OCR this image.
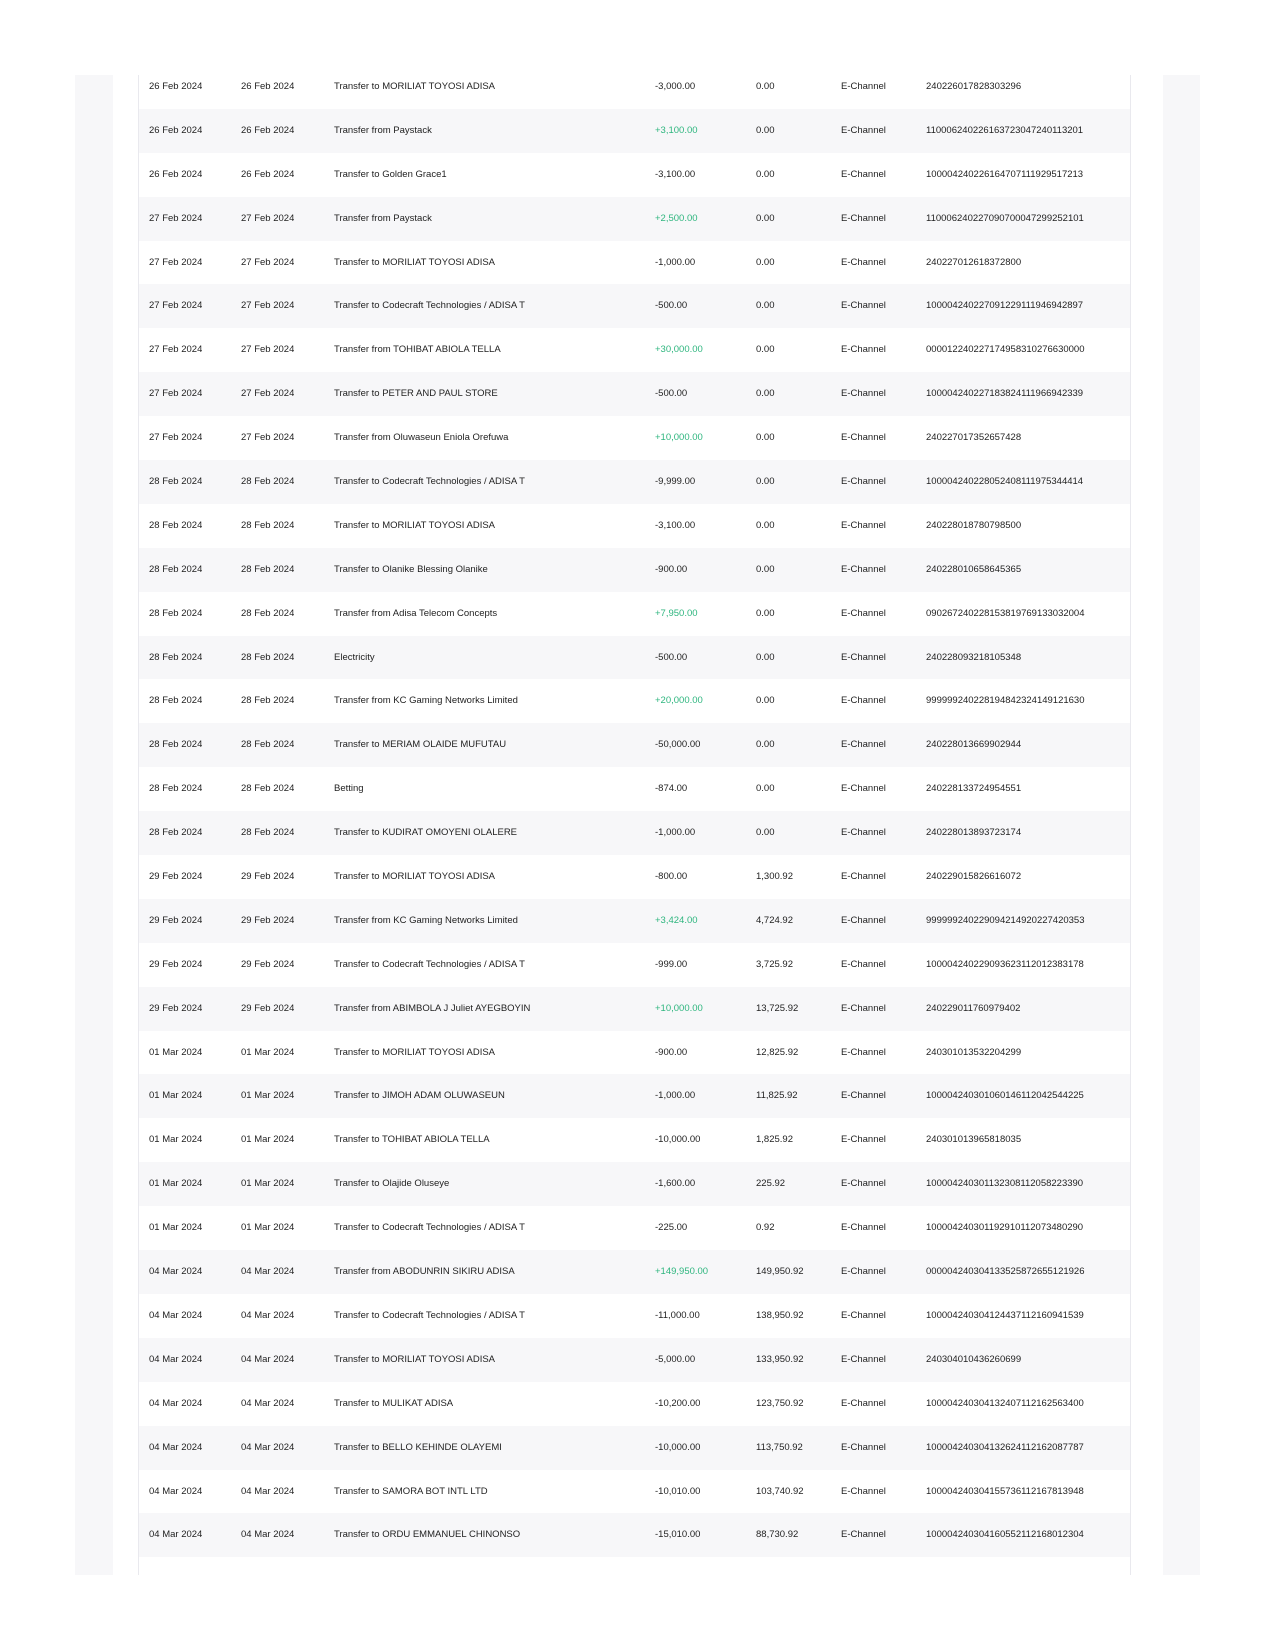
26 Feb 2024	26 Feb 2024	Transfer to MORILIAT TOYOSI ADISA	-3,000.00	0.00	E-Channel	240226017828303296
26 Feb 2024	26 Feb 2024	Transfer from Paystack	+3,100.00	0.00	E-Channel	110006240226163723047240113201
26 Feb 2024	26 Feb 2024	Transfer to Golden Grace1	-3,100.00	0.00	E-Channel	100004240226164707111929517213
27 Feb 2024	27 Feb 2024	Transfer from Paystack	+2,500.00	0.00	E-Channel	110006240227090700047299252101
27 Feb 2024	27 Feb 2024	Transfer to MORILIAT TOYOSI ADISA	-1,000.00	0.00	E-Channel	240227012618372800
27 Feb 2024	27 Feb 2024	Transfer to Codecraft Technologies / ADISA T	-500.00	0.00	E-Channel	100004240227091229111946942897
27 Feb 2024	27 Feb 2024	Transfer from TOHIBAT ABIOLA TELLA	+30,000.00	0.00	E-Channel	000012240227174958310276630000
27 Feb 2024	27 Feb 2024	Transfer to PETER AND PAUL STORE	-500.00	0.00	E-Channel	100004240227183824111966942339
27 Feb 2024	27 Feb 2024	Transfer from Oluwaseun Eniola Orefuwa	+10,000.00	0.00	E-Channel	240227017352657428
28 Feb 2024	28 Feb 2024	Transfer to Codecraft Technologies / ADISA T	-9,999.00	0.00	E-Channel	100004240228052408111975344414
28 Feb 2024	28 Feb 2024	Transfer to MORILIAT TOYOSI ADISA	-3,100.00	0.00	E-Channel	240228018780798500
28 Feb 2024	28 Feb 2024	Transfer to Olanike Blessing Olanike	-900.00	0.00	E-Channel	240228010658645365
28 Feb 2024	28 Feb 2024	Transfer from Adisa Telecom Concepts	+7,950.00	0.00	E-Channel	090267240228153819769133032004
28 Feb 2024	28 Feb 2024	Electricity	-500.00	0.00	E-Channel	240228093218105348
28 Feb 2024	28 Feb 2024	Transfer from KC Gaming Networks Limited	+20,000.00	0.00	E-Channel	999999240228194842324149121630
28 Feb 2024	28 Feb 2024	Transfer to MERIAM OLAIDE MUFUTAU	-50,000.00	0.00	E-Channel	240228013669902944
28 Feb 2024	28 Feb 2024	Betting	-874.00	0.00	E-Channel	240228133724954551
28 Feb 2024	28 Feb 2024	Transfer to KUDIRAT OMOYENI OLALERE	-1,000.00	0.00	E-Channel	240228013893723174
29 Feb 2024	29 Feb 2024	Transfer to MORILIAT TOYOSI ADISA	-800.00	1,300.92	E-Channel	240229015826616072
29 Feb 2024	29 Feb 2024	Transfer from KC Gaming Networks Limited	+3,424.00	4,724.92	E-Channel	999999240229094214920227420353
29 Feb 2024	29 Feb 2024	Transfer to Codecraft Technologies / ADISA T	-999.00	3,725.92	E-Channel	100004240229093623112012383178
29 Feb 2024	29 Feb 2024	Transfer from ABIMBOLA J Juliet AYEGBOYIN	+10,000.00	13,725.92	E-Channel	240229011760979402
01 Mar 2024	01 Mar 2024	Transfer to MORILIAT TOYOSI ADISA	-900.00	12,825.92	E-Channel	240301013532204299
01 Mar 2024	01 Mar 2024	Transfer to JIMOH ADAM OLUWASEUN	-1,000.00	11,825.92	E-Channel	100004240301060146112042544225
01 Mar 2024	01 Mar 2024	Transfer to TOHIBAT ABIOLA TELLA	-10,000.00	1,825.92	E-Channel	240301013965818035
01 Mar 2024	01 Mar 2024	Transfer to Olajide Oluseye	-1,600.00	225.92	E-Channel	100004240301132308112058223390
01 Mar 2024	01 Mar 2024	Transfer to Codecraft Technologies / ADISA T	-225.00	0.92	E-Channel	100004240301192910112073480290
04 Mar 2024	04 Mar 2024	Transfer from ABODUNRIN SIKIRU ADISA	+149,950.00	149,950.92	E-Channel	000004240304133525872655121926
04 Mar 2024	04 Mar 2024	Transfer to Codecraft Technologies / ADISA T	-11,000.00	138,950.92	E-Channel	100004240304124437112160941539
04 Mar 2024	04 Mar 2024	Transfer to MORILIAT TOYOSI ADISA	-5,000.00	133,950.92	E-Channel	240304010436260699
04 Mar 2024	04 Mar 2024	Transfer to MULIKAT ADISA	-10,200.00	123,750.92	E-Channel	100004240304132407112162563400
04 Mar 2024	04 Mar 2024	Transfer to BELLO KEHINDE OLAYEMI	-10,000.00	113,750.92	E-Channel	100004240304132624112162087787
04 Mar 2024	04 Mar 2024	Transfer to SAMORA BOT INTL LTD	-10,010.00	103,740.92	E-Channel	100004240304155736112167813948
04 Mar 2024	04 Mar 2024	Transfer to ORDU EMMANUEL CHINONSO	-15,010.00	88,730.92	E-Channel	100004240304160552112168012304
